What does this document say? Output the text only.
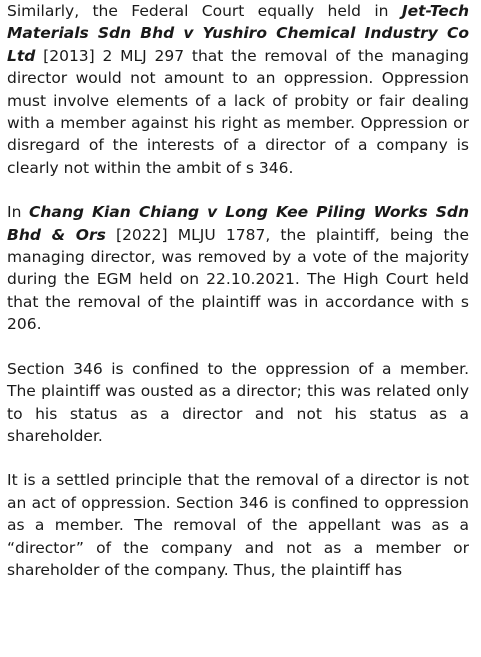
Similarly, the Federal Court equally held in Jet-Tech Materials Sdn Bhd v Yushiro Chemical Industry Co Ltd [2013] 2 MLJ 297 that the removal of the managing director would not amount to an oppression. Oppression must involve elements of a lack of probity or fair dealing with a member against his right as member. Oppression or disregard of the interests of a director of a company is clearly not within the ambit of s 346.

In Chang Kian Chiang v Long Kee Piling Works Sdn Bhd & Ors [2022] MLJU 1787, the plaintiff, being the managing director, was removed by a vote of the majority during the EGM held on 22.10.2021. The High Court held that the removal of the plaintiff was in accordance with s 206.

Section 346 is confined to the oppression of a member. The plaintiff was ousted as a director; this was related only to his status as a director and not his status as a shareholder.

It is a settled principle that the removal of a director is not an act of oppression. Section 346 is confined to oppression as a member. The removal of the appellant was as a “director” of the company and not as a member or shareholder of the company. Thus, the plaintiff has
